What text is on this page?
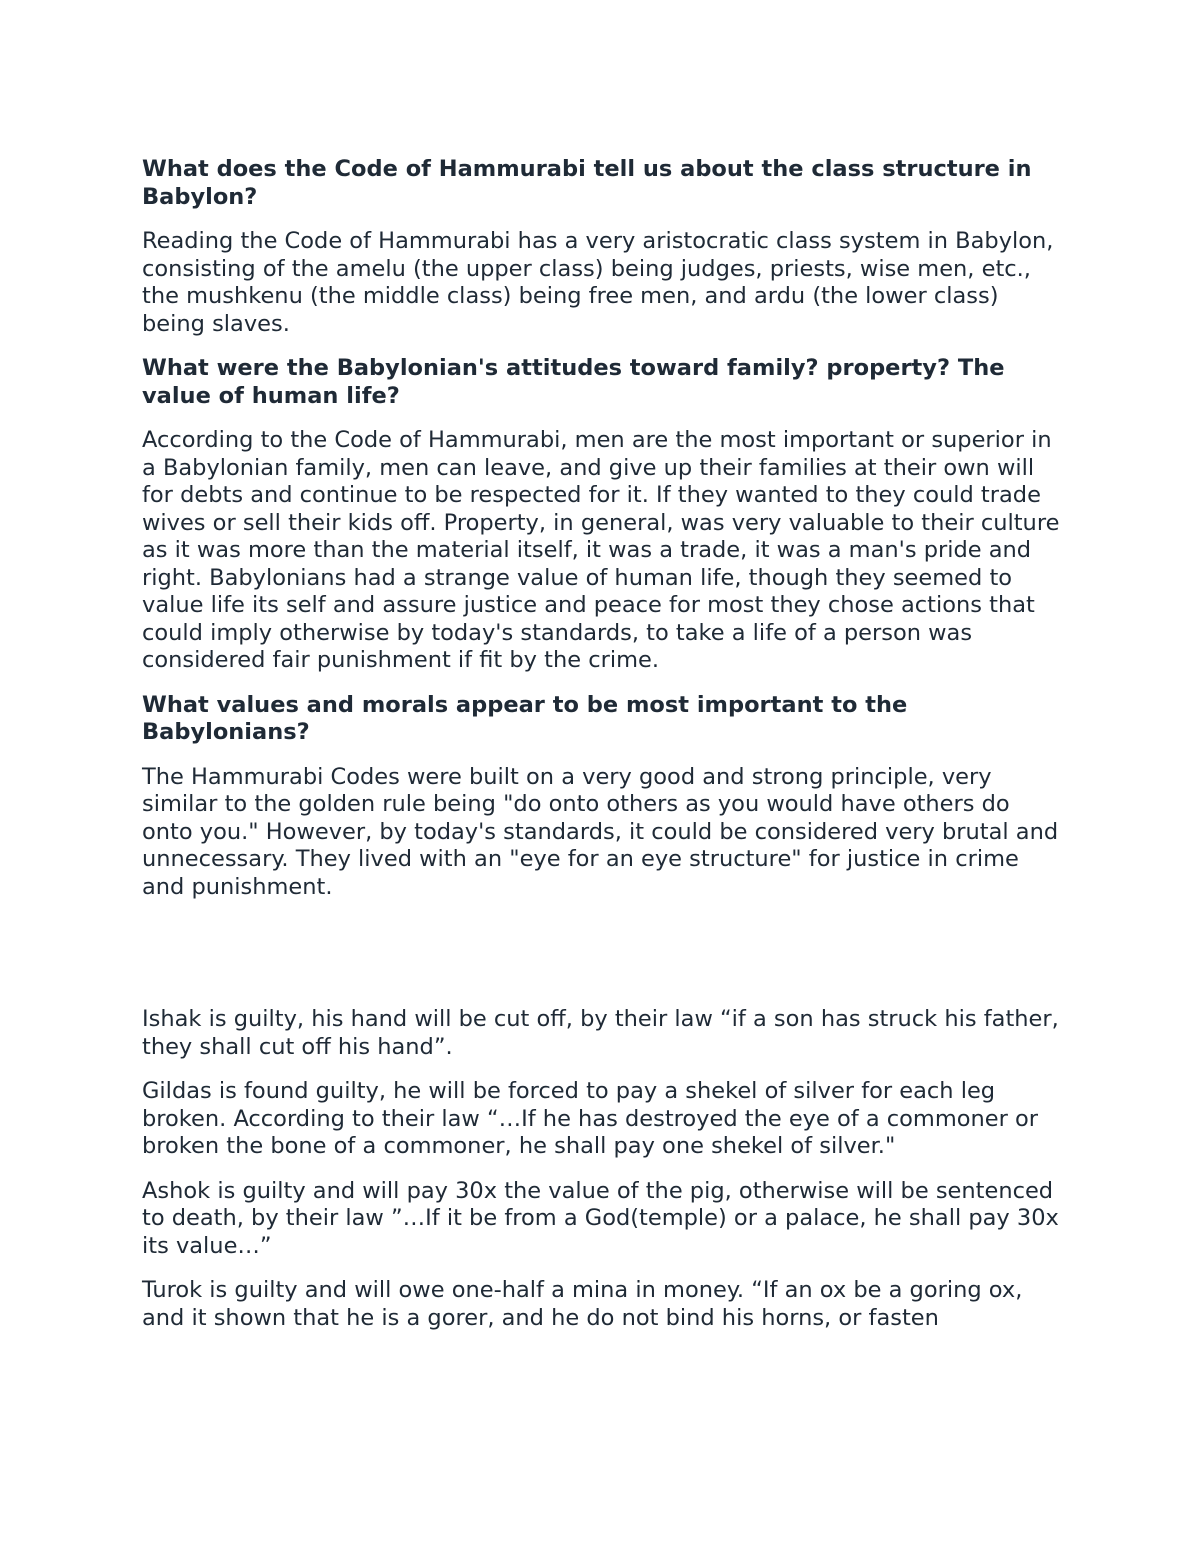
What does the Code of Hammurabi tell us about the class structure in Babylon?

Reading the Code of Hammurabi has a very aristocratic class system in Babylon, consisting of the amelu (the upper class) being judges, priests, wise men, etc., the mushkenu (the middle class) being free men, and ardu (the lower class) being slaves.

What were the Babylonian's attitudes toward family? property? The value of human life?

According to the Code of Hammurabi, men are the most important or superior in a Babylonian family, men can leave, and give up their families at their own will for debts and continue to be respected for it. If they wanted to they could trade wives or sell their kids off. Property, in general, was very valuable to their culture as it was more than the material itself, it was a trade, it was a man's pride and right. Babylonians had a strange value of human life, though they seemed to value life its self and assure justice and peace for most they chose actions that could imply otherwise by today's standards, to take a life of a person was considered fair punishment if fit by the crime.

What values and morals appear to be most important to the Babylonians?

The Hammurabi Codes were built on a very good and strong principle, very similar to the golden rule being "do onto others as you would have others do onto you." However, by today's standards, it could be considered very brutal and unnecessary. They lived with an "eye for an eye structure" for justice in crime and punishment.

Ishak is guilty, his hand will be cut off, by their law “if a son has struck his father, they shall cut off his hand”.

Gildas is found guilty, he will be forced to pay a shekel of silver for each leg broken. According to their law “…If he has destroyed the eye of a commoner or broken the bone of a commoner, he shall pay one shekel of silver."

Ashok is guilty and will pay 30x the value of the pig, otherwise will be sentenced to death, by their law ”…If it be from a God(temple) or a palace, he shall pay 30x its value…”

Turok is guilty and will owe one-half a mina in money. “If an ox be a goring ox, and it shown that he is a gorer, and he do not bind his horns, or fasten
